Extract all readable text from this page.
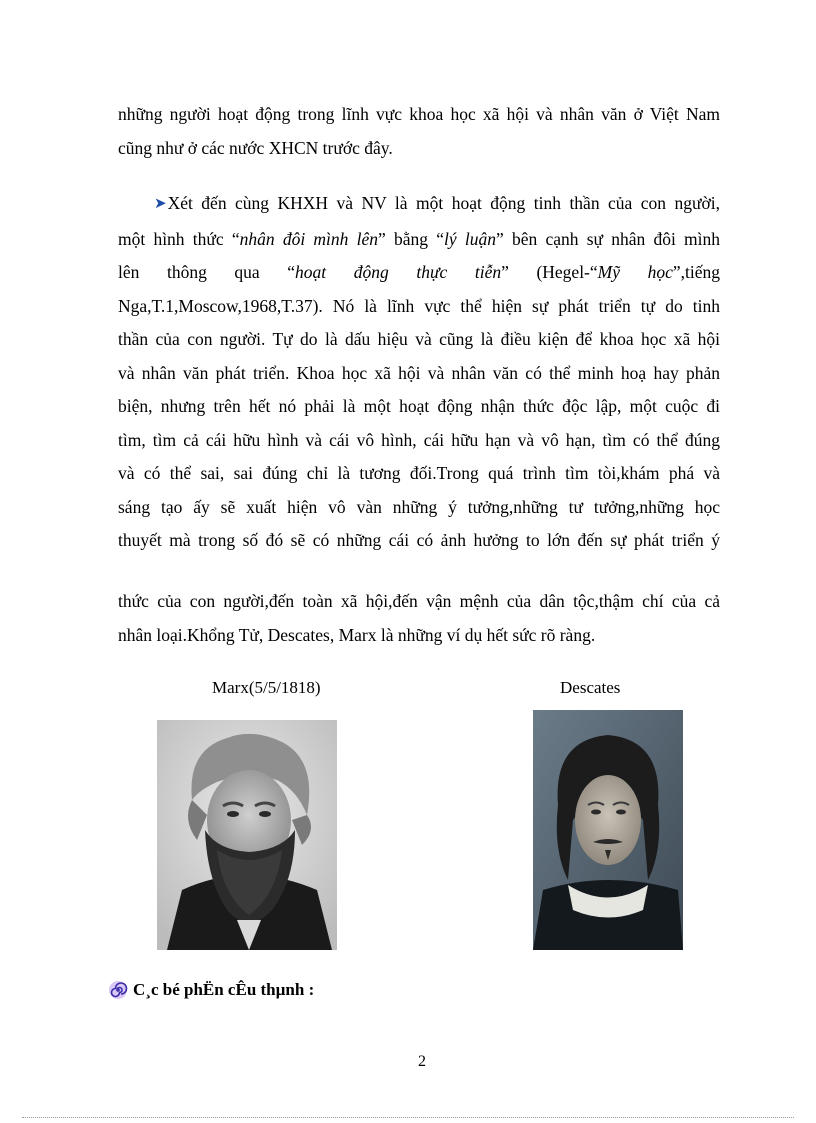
những người hoạt động trong lĩnh vực khoa học xã hội và nhân văn ở Việt Nam
cũng như ở các nước XHCN trước đây.
➤Xét đến cùng KHXH và NV là một hoạt động tinh thần của con người,
một hình thức “nhân đôi mình lên” bằng “lý luận” bên cạnh sự nhân đôi mình
lên thông qua “hoạt động thực tiễn” (Hegel-“Mỹ học”,tiếng
Nga,T.1,Moscow,1968,T.37). Nó là lĩnh vực thể hiện sự phát triển tự do tinh
thần của con người. Tự do là dấu hiệu và cũng là điều kiện để khoa học xã hội
và nhân văn phát triển. Khoa học xã hội và nhân văn có thể minh hoạ hay phản
biện, nhưng trên hết nó phải là một hoạt động nhận thức độc lập, một cuộc đi
tìm, tìm cả cái hữu hình và cái vô hình, cái hữu hạn và vô hạn, tìm có thể đúng
và có thể sai, sai đúng chỉ là tương đối.Trong quá trình tìm tòi,khám phá và
sáng tạo ấy sẽ xuất hiện vô vàn những ý tưởng,những tư tưởng,những học
thuyết mà trong số đó sẽ có những cái có ảnh hưởng to lớn đến sự phát triển ý
thức của con người,đến toàn xã hội,đến vận mệnh của dân tộc,thậm chí của cả
nhân loại.Khổng Tử, Descates, Marx là những ví dụ hết sức rõ ràng.
Marx(5/5/1818)	Descates
C¸c bé phËn cÊu thµnh :
2
